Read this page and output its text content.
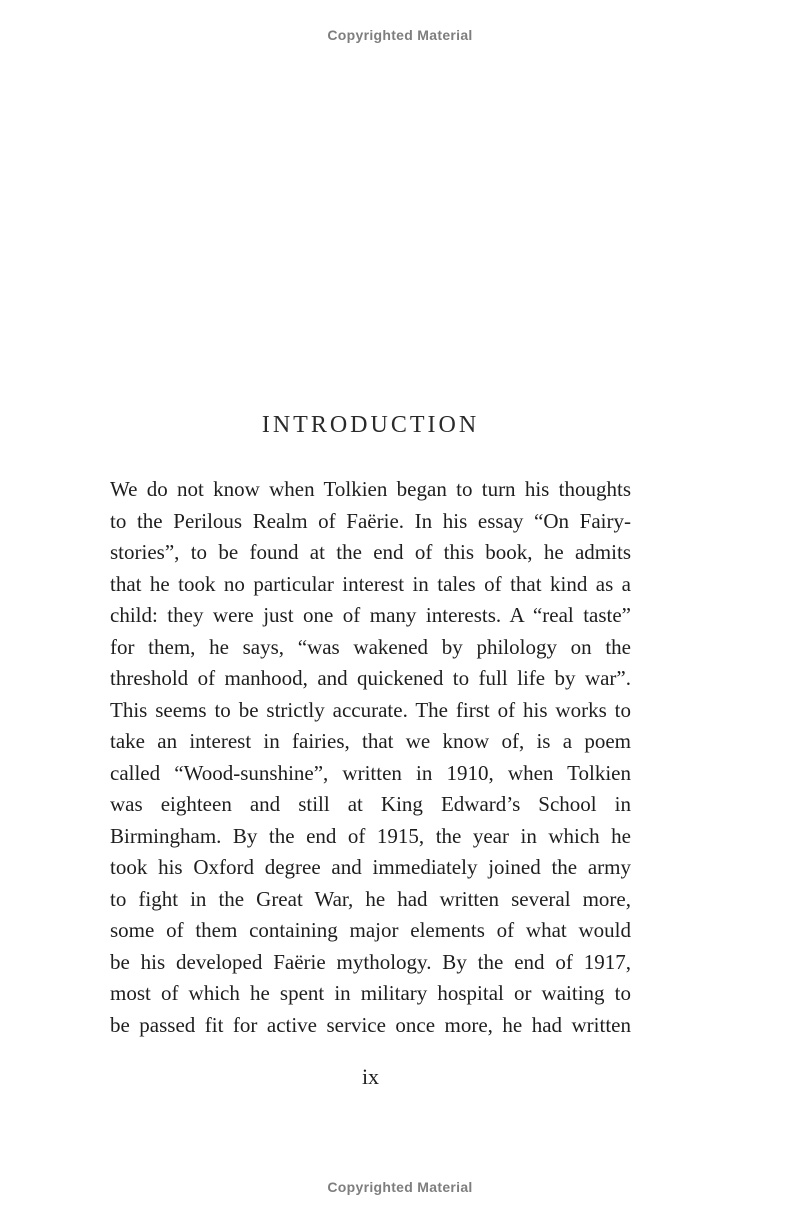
Copyrighted Material
INTRODUCTION
We do not know when Tolkien began to turn his thoughts
to the Perilous Realm of Faërie. In his essay “On Fairy-
stories”, to be found at the end of this book, he admits
that he took no particular interest in tales of that kind as a
child: they were just one of many interests. A “real taste”
for them, he says, “was wakened by philology on the
threshold of manhood, and quickened to full life by war”.
This seems to be strictly accurate. The first of his works to
take an interest in fairies, that we know of, is a poem
called “Wood-sunshine”, written in 1910, when Tolkien
was eighteen and still at King Edward’s School in
Birmingham. By the end of 1915, the year in which he
took his Oxford degree and immediately joined the army
to fight in the Great War, he had written several more,
some of them containing major elements of what would
be his developed Faërie mythology. By the end of 1917,
most of which he spent in military hospital or waiting to
be passed fit for active service once more, he had written
ix
Copyrighted Material
